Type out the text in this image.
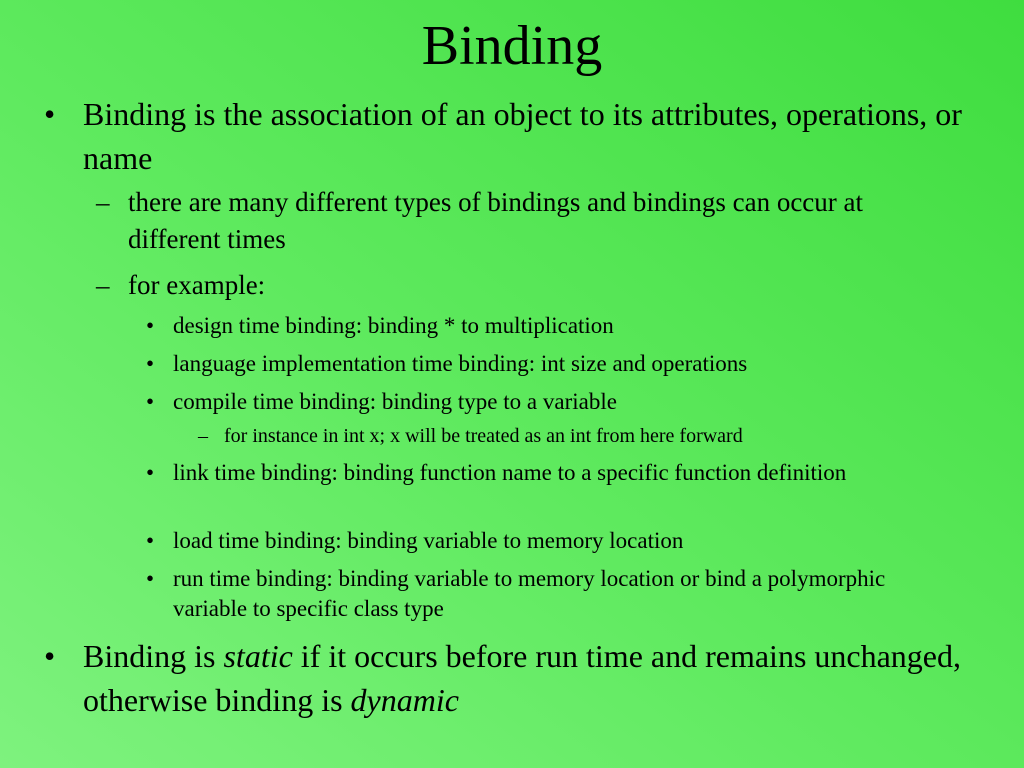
Binding
• Binding is the association of an object to its attributes, operations, or name
– there are many different types of bindings and bindings can occur at different times
– for example:
• design time binding: binding * to multiplication
• language implementation time binding: int size and operations
• compile time binding: binding type to a variable
– for instance in int x; x will be treated as an int from here forward
• link time binding: binding function name to a specific function definition
• load time binding: binding variable to memory location
• run time binding: binding variable to memory location or bind a polymorphic variable to specific class type
• Binding is static if it occurs before run time and remains unchanged, otherwise binding is dynamic
